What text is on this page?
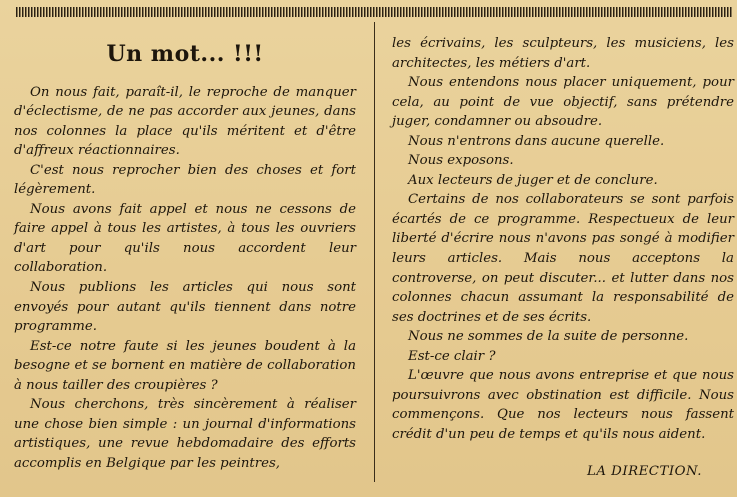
Un mot... !!!

On nous fait, paraît-il, le reproche de manquer d'éclectisme, de ne pas accorder aux jeunes, dans nos colonnes la place qu'ils méritent et d'être d'affreux réactionnaires.

C'est nous reprocher bien des choses et fort légèrement.

Nous avons fait appel et nous ne cessons de faire appel à tous les artistes, à tous les ouvriers d'art pour qu'ils nous accordent leur collaboration.

Nous publions les articles qui nous sont envoyés pour autant qu'ils tiennent dans notre programme.

Est-ce notre faute si les jeunes boudent à la besogne et se bornent en matière de collaboration à nous tailler des croupières ?

Nous cherchons, très sincèrement à réaliser une chose bien simple : un journal d'informations artistiques, une revue hebdomadaire des efforts accomplis en Belgique par les peintres,

les écrivains, les sculpteurs, les musiciens, les architectes, les métiers d'art.

Nous entendons nous placer uniquement, pour cela, au point de vue objectif, sans prétendre juger, condamner ou absoudre.

Nous n'entrons dans aucune querelle.

Nous exposons.

Aux lecteurs de juger et de conclure.

Certains de nos collaborateurs se sont parfois écartés de ce programme. Respectueux de leur liberté d'écrire nous n'avons pas songé à modifier leurs articles. Mais nous acceptons la controverse, on peut discuter... et lutter dans nos colonnes chacun assumant la responsabilité de ses doctrines et de ses écrits.

Nous ne sommes de la suite de personne.

Est-ce clair ?

L'œuvre que nous avons entreprise et que nous poursuivrons avec obstination est difficile. Nous commençons. Que nos lecteurs nous fassent crédit d'un peu de temps et qu'ils nous aident.

LA DIRECTION.
